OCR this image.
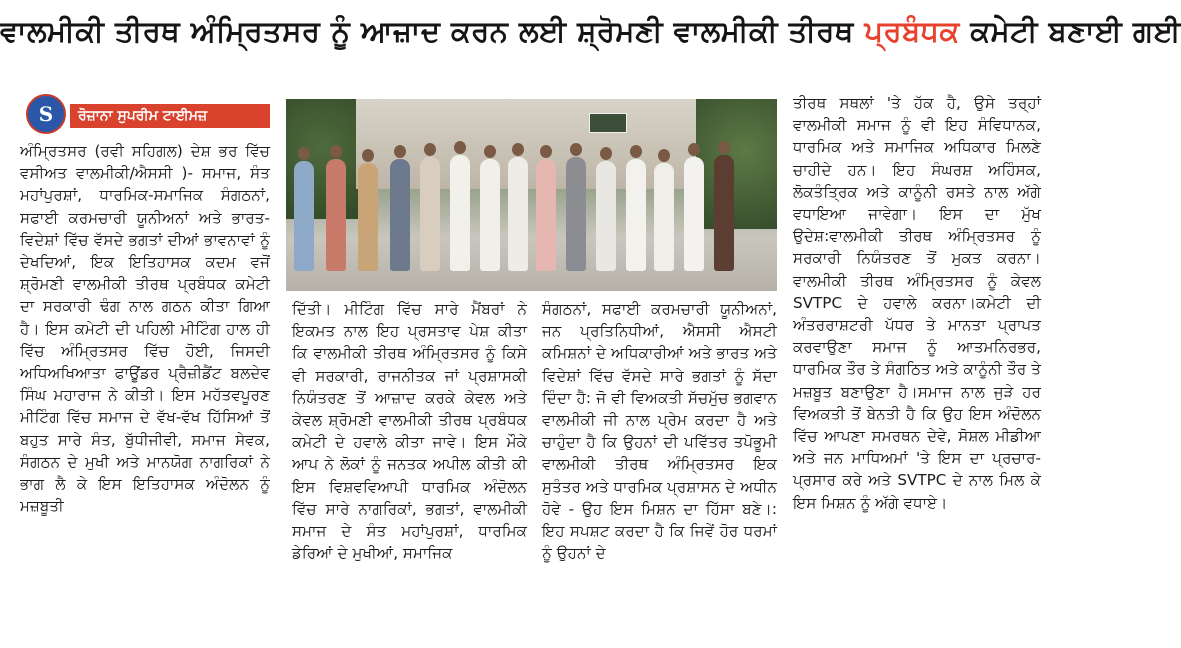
ਵਾਲਮੀਕੀ ਤੀਰਥ ਅੰਮ੍ਰਿਤਸਰ ਨੂੰ ਆਜ਼ਾਦ ਕਰਨ ਲਈ ਸ਼੍ਰੋਮਣੀ ਵਾਲਮੀਕੀ ਤੀਰਥ ਪ੍ਰਬੰਧਕ ਕਮੇਟੀ ਬਣਾਈ ਗਈ
S	ਰੋਜ਼ਾਨਾ ਸੁਪਰੀਮ ਟਾਈਮਜ਼

ਅੰਮ੍ਰਿਤਸਰ (ਰਵੀ ਸਹਿਗਲ) ਦੇਸ਼ ਭਰ ਵਿੱਚ ਵਸੀਅਤ ਵਾਲਮੀਕੀ/ਐਸਸੀ )- ਸਮਾਜ, ਸੰਤ ਮਹਾਂਪੁਰਸ਼ਾਂ, ਧਾਰਮਿਕ-ਸਮਾਜਿਕ ਸੰਗਠਨਾਂ, ਸਫਾਈ ਕਰਮਚਾਰੀ ਯੂਨੀਅਨਾਂ ਅਤੇ ਭਾਰਤ-ਵਿਦੇਸ਼ਾਂ ਵਿੱਚ ਵੱਸਦੇ ਭਗਤਾਂ ਦੀਆਂ ਭਾਵਨਾਵਾਂ ਨੂੰ ਦੇਖਦਿਆਂ, ਇਕ ਇਤਿਹਾਸਕ ਕਦਮ ਵਜੋਂ ਸ਼੍ਰੋਮਣੀ ਵਾਲਮੀਕੀ ਤੀਰਥ ਪ੍ਰਬੰਧਕ ਕਮੇਟੀ ਦਾ ਸਰਕਾਰੀ ਢੰਗ ਨਾਲ ਗਠਨ ਕੀਤਾ ਗਿਆ ਹੈ। ਇਸ ਕਮੇਟੀ ਦੀ ਪਹਿਲੀ ਮੀਟਿੰਗ ਹਾਲ ਹੀ ਵਿੱਚ ਅੰਮ੍ਰਿਤਸਰ ਵਿੱਚ ਹੋਈ, ਜਿਸਦੀ ਅਧਿਅਖਿਆਤਾ ਫਾਊਂਡਰ ਪ੍ਰੈਜ਼ੀਡੈਂਟ ਬਲਦੇਵ ਸਿੰਘ ਮਹਾਰਾਜ ਨੇ ਕੀਤੀ। ਇਸ ਮਹੱਤਵਪੂਰਣ ਮੀਟਿੰਗ ਵਿੱਚ ਸਮਾਜ ਦੇ ਵੱਖ-ਵੱਖ ਹਿੱਸਿਆਂ ਤੋਂ ਬਹੁਤ ਸਾਰੇ ਸੰਤ, ਬੁੱਧੀਜੀਵੀ, ਸਮਾਜ ਸੇਵਕ, ਸੰਗਠਨ ਦੇ ਮੁਖੀ ਅਤੇ ਮਾਨਯੋਗ ਨਾਗਰਿਕਾਂ ਨੇ ਭਾਗ ਲੈ ਕੇ ਇਸ ਇਤਿਹਾਸਕ ਅੰਦੋਲਨ ਨੂੰ ਮਜ਼ਬੂਤੀ

ਦਿੱਤੀ। ਮੀਟਿੰਗ ਵਿੱਚ ਸਾਰੇ ਮੈਂਬਰਾਂ ਨੇ ਇਕਮਤ ਨਾਲ ਇਹ ਪ੍ਰਸਤਾਵ ਪੇਸ਼ ਕੀਤਾ ਕਿ ਵਾਲਮੀਕੀ ਤੀਰਥ ਅੰਮ੍ਰਿਤਸਰ ਨੂੰ ਕਿਸੇ ਵੀ ਸਰਕਾਰੀ, ਰਾਜਨੀਤਕ ਜਾਂ ਪ੍ਰਸ਼ਾਸਕੀ ਨਿਯੰਤਰਣ ਤੋਂ ਆਜ਼ਾਦ ਕਰਕੇ ਕੇਵਲ ਅਤੇ ਕੇਵਲ ਸ਼੍ਰੋਮਣੀ ਵਾਲਮੀਕੀ ਤੀਰਥ ਪ੍ਰਬੰਧਕ ਕਮੇਟੀ ਦੇ ਹਵਾਲੇ ਕੀਤਾ ਜਾਵੇ। ਇਸ ਮੌਕੇ ਆਪ ਨੇ ਲੋਕਾਂ ਨੂੰ ਜਨਤਕ ਅਪੀਲ ਕੀਤੀ ਕੀ ਇਸ ਵਿਸ਼ਵਵਿਆਪੀ ਧਾਰਮਿਕ ਅੰਦੋਲਨ ਵਿੱਚ ਸਾਰੇ ਨਾਗਰਿਕਾਂ, ਭਗਤਾਂ, ਵਾਲਮੀਕੀ ਸਮਾਜ ਦੇ ਸੰਤ ਮਹਾਂਪੁਰਸ਼ਾਂ, ਧਾਰਮਿਕ ਡੇਰਿਆਂ ਦੇ ਮੁਖੀਆਂ, ਸਮਾਜਿਕ

ਸੰਗਠਨਾਂ, ਸਫਾਈ ਕਰਮਚਾਰੀ ਯੂਨੀਅਨਾਂ, ਜਨ ਪ੍ਰਤਿਨਿਧੀਆਂ, ਐਸਸੀ ਐਸਟੀ ਕਮਿਸ਼ਨਾਂ ਦੇ ਅਧਿਕਾਰੀਆਂ ਅਤੇ ਭਾਰਤ ਅਤੇ ਵਿਦੇਸ਼ਾਂ ਵਿੱਚ ਵੱਸਦੇ ਸਾਰੇ ਭਗਤਾਂ ਨੂੰ ਸੱਦਾ ਦਿੰਦਾ ਹੈ: ਜੋ ਵੀ ਵਿਅਕਤੀ ਸੱਚਮੁੱਚ ਭਗਵਾਨ ਵਾਲਮੀਕੀ ਜੀ ਨਾਲ ਪ੍ਰੇਮ ਕਰਦਾ ਹੈ ਅਤੇ ਚਾਹੁੰਦਾ ਹੈ ਕਿ ਉਹਨਾਂ ਦੀ ਪਵਿੱਤਰ ਤਪੋਭੂਮੀ ਵਾਲਮੀਕੀ ਤੀਰਥ ਅੰਮ੍ਰਿਤਸਰ ਇਕ ਸੁਤੰਤਰ ਅਤੇ ਧਾਰਮਿਕ ਪ੍ਰਸ਼ਾਸਨ ਦੇ ਅਧੀਨ ਹੋਵੇ - ਉਹ ਇਸ ਮਿਸ਼ਨ ਦਾ ਹਿੱਸਾ ਬਣੇ।: ਇਹ ਸਪਸ਼ਟ ਕਰਦਾ ਹੈ ਕਿ ਜਿਵੇਂ ਹੋਰ ਧਰਮਾਂ ਨੂੰ ਉਹਨਾਂ ਦੇ

ਤੀਰਥ ਸਥਲਾਂ 'ਤੇ ਹੱਕ ਹੈ, ਉਸੇ ਤਰ੍ਹਾਂ ਵਾਲਮੀਕੀ ਸਮਾਜ ਨੂੰ ਵੀ ਇਹ ਸੰਵਿਧਾਨਕ, ਧਾਰਮਿਕ ਅਤੇ ਸਮਾਜਿਕ ਅਧਿਕਾਰ ਮਿਲਣੇ ਚਾਹੀਦੇ ਹਨ। ਇਹ ਸੰਘਰਸ਼ ਅਹਿੰਸਕ, ਲੋਕਤੰਤ੍ਰਿਕ ਅਤੇ ਕਾਨੂੰਨੀ ਰਸਤੇ ਨਾਲ ਅੱਗੇ ਵਧਾਇਆ ਜਾਵੇਗਾ। ਇਸ ਦਾ ਮੁੱਖ ਉਦੇਸ਼:ਵਾਲਮੀਕੀ ਤੀਰਥ ਅੰਮ੍ਰਿਤਸਰ ਨੂੰ ਸਰਕਾਰੀ ਨਿਯੰਤਰਣ ਤੋਂ ਮੁਕਤ ਕਰਨਾ।ਵਾਲਮੀਕੀ ਤੀਰਥ ਅੰਮ੍ਰਿਤਸਰ ਨੂੰ ਕੇਵਲ SVTPC ਦੇ ਹਵਾਲੇ ਕਰਨਾ।ਕਮੇਟੀ ਦੀ ਅੰਤਰਰਾਸ਼ਟਰੀ ਪੱਧਰ ਤੇ ਮਾਨਤਾ ਪ੍ਰਾਪਤ ਕਰਵਾਉਣਾ ਸਮਾਜ ਨੂੰ ਆਤਮਨਿਰਭਰ, ਧਾਰਮਿਕ ਤੌਰ ਤੇ ਸੰਗਠਿਤ ਅਤੇ ਕਾਨੂੰਨੀ ਤੌਰ ਤੇ ਮਜ਼ਬੂਤ ਬਣਾਉਣਾ ਹੈ।ਸਮਾਜ ਨਾਲ ਜੁੜੇ ਹਰ ਵਿਅਕਤੀ ਤੋਂ ਬੇਨਤੀ ਹੈ ਕਿ ਉਹ ਇਸ ਅੰਦੋਲਨ ਵਿੱਚ ਆਪਣਾ ਸਮਰਥਨ ਦੇਵੇ, ਸੋਸ਼ਲ ਮੀਡੀਆ ਅਤੇ ਜਨ ਮਾਧਿਅਮਾਂ 'ਤੇ ਇਸ ਦਾ ਪ੍ਰਚਾਰ-ਪ੍ਰਸਾਰ ਕਰੇ ਅਤੇ SVTPC ਦੇ ਨਾਲ ਮਿਲ ਕੇ ਇਸ ਮਿਸ਼ਨ ਨੂੰ ਅੱਗੇ ਵਧਾਏ।
